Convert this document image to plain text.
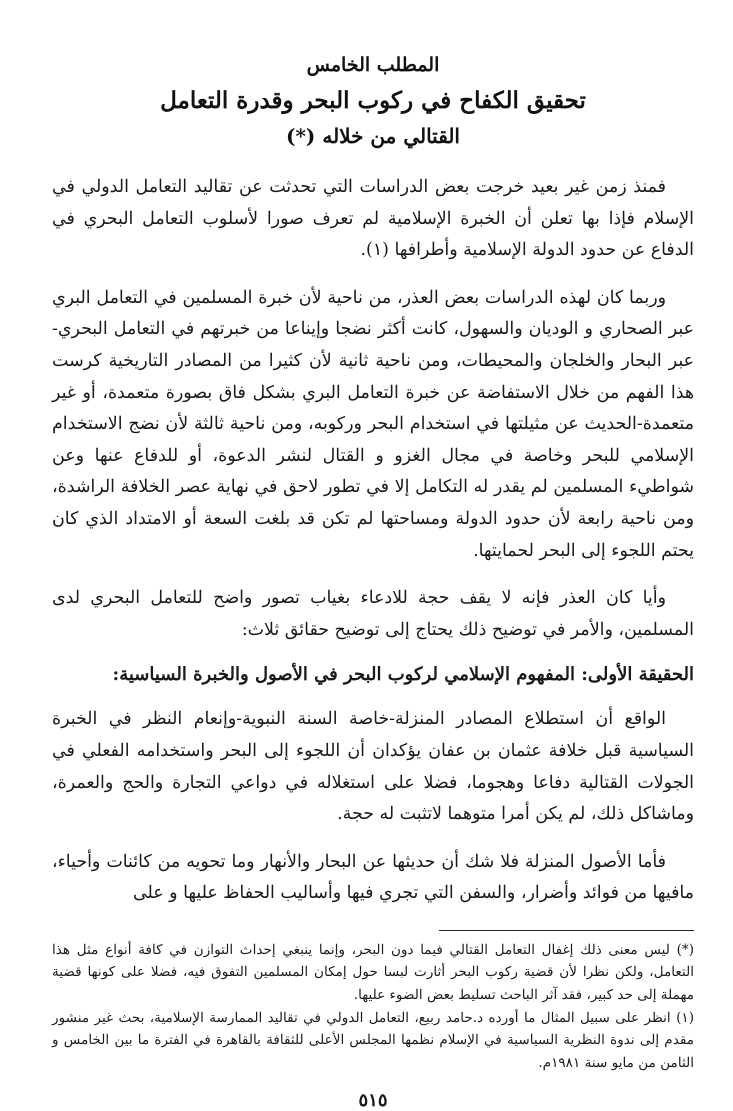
المطلب الخامس
تحقيق الكفاح في ركوب البحر وقدرة التعامل
القتالي من خلاله (*)

فمنذ زمن غير بعيد خرجت بعض الدراسات التي تحدثت عن تقاليد التعامل الدولي في الإسلام فإذا بها تعلن أن الخبرة الإسلامية لم تعرف صورا لأسلوب التعامل البحري في الدفاع عن حدود الدولة الإسلامية وأطرافها (١).

وربما كان لهذه الدراسات بعض العذر، من ناحية لأن خبرة المسلمين في التعامل البري عبر الصحاري و الوديان والسهول، كانت أكثر نضجا وإيناعا من خبرتهم في التعامل البحري-عبر البحار والخلجان والمحيطات، ومن ناحية ثانية لأن كثيرا من المصادر التاريخية كرست هذا الفهم من خلال الاستفاضة عن خبرة التعامل البري بشكل فاق بصورة متعمدة، أو غير متعمدة-الحديث عن مثيلتها في استخدام البحر وركوبه، ومن ناحية ثالثة لأن نضج الاستخدام الإسلامي للبحر وخاصة في مجال الغزو و القتال لنشر الدعوة، أو للدفاع عنها وعن شواطيء المسلمين لم يقدر له التكامل إلا في تطور لاحق في نهاية عصر الخلافة الراشدة، ومن ناحية رابعة لأن حدود الدولة ومساحتها لم تكن قد بلغت السعة أو الامتداد الذي كان يحتم اللجوء إلى البحر لحمايتها.

وأيا كان العذر فإنه لا يقف حجة للادعاء بغياب تصور واضح للتعامل البحري لدى المسلمين، والأمر في توضيح ذلك يحتاج إلى توضيح حقائق ثلاث:

الحقيقة الأولى: المفهوم الإسلامي لركوب البحر في الأصول والخبرة السياسية:

الواقع أن استطلاع المصادر المنزلة-خاصة السنة النبوية-وإنعام النظر في الخبرة السياسية قبل خلافة عثمان بن عفان يؤكدان أن اللجوء إلى البحر واستخدامه الفعلي في الجولات القتالية دفاعا وهجوما، فضلا على استغلاله في دواعي التجارة والحج والعمرة، وماشاكل ذلك، لم يكن أمرا متوهما لاتثبت له حجة.

فأما الأصول المنزلة فلا شك أن حديثها عن البحار والأنهار وما تحويه من كائنات وأحياء، مافيها من فوائد وأضرار، والسفن التي تجري فيها وأساليب الحفاظ عليها و على

(*) ليس معنى ذلك إغفال التعامل القتالي فيما دون البحر، وإنما ينبغي إحداث التوازن في كافة أنواع مثل هذا التعامل، ولكن نظرا لأن قضية ركوب البحر أثارت لبسا حول إمكان المسلمين التفوق فيه، فضلا على كونها قضية مهملة إلى حد كبير، فقد آثر الباحث تسليط بعض الضوء عليها.

(١) انظر على سبيل المثال ما أورده د.حامد ربيع، التعامل الدولي في تقاليد الممارسة الإسلامية، بحث غير منشور مقدم إلى ندوة النظرية السياسية في الإسلام نظمها المجلس الأعلى للثقافة بالقاهرة في الفترة ما بين الخامس و الثامن من مايو سنة ١٩٨١م.

٥١٥
